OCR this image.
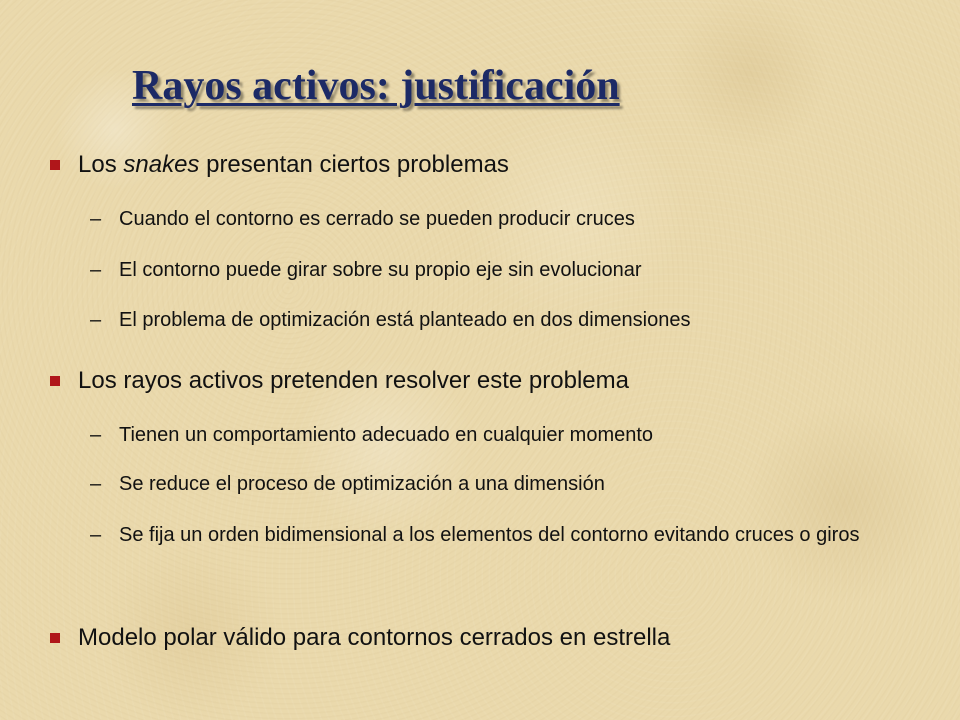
Rayos activos: justificación
Los snakes presentan ciertos problemas
– Cuando el contorno es cerrado se pueden producir cruces
– El contorno puede girar sobre su propio eje sin evolucionar
– El problema de optimización está planteado en dos dimensiones
Los rayos activos pretenden resolver este problema
– Tienen un comportamiento adecuado en cualquier momento
– Se reduce el proceso de optimización a una dimensión
– Se fija un orden bidimensional a los elementos del contorno evitando cruces o giros
Modelo polar válido para contornos cerrados en estrella
